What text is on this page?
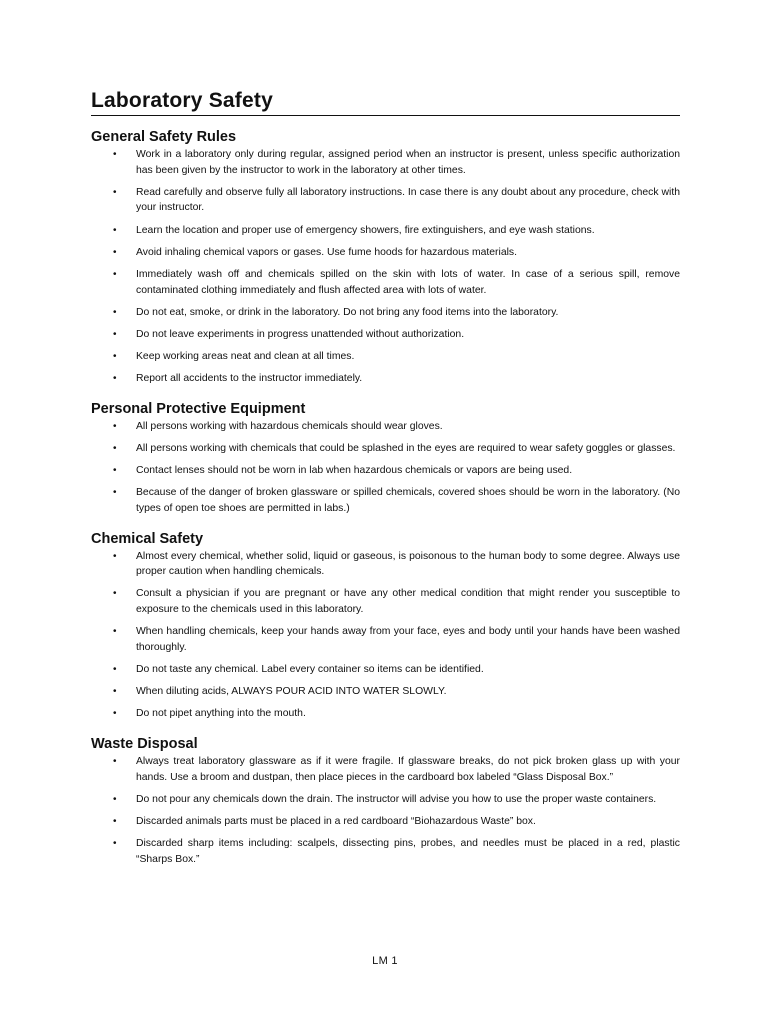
Laboratory Safety
General Safety Rules
• Work in a laboratory only during regular, assigned period when an instructor is present, unless specific authorization has been given by the instructor to work in the laboratory at other times.
• Read carefully and observe fully all laboratory instructions. In case there is any doubt about any procedure, check with your instructor.
• Learn the location and proper use of emergency showers, fire extinguishers, and eye wash stations.
• Avoid inhaling chemical vapors or gases. Use fume hoods for hazardous materials.
• Immediately wash off and chemicals spilled on the skin with lots of water. In case of a serious spill, remove contaminated clothing immediately and flush affected area with lots of water.
• Do not eat, smoke, or drink in the laboratory. Do not bring any food items into the laboratory.
• Do not leave experiments in progress unattended without authorization.
• Keep working areas neat and clean at all times.
• Report all accidents to the instructor immediately.
Personal Protective Equipment
• All persons working with hazardous chemicals should wear gloves.
• All persons working with chemicals that could be splashed in the eyes are required to wear safety goggles or glasses.
• Contact lenses should not be worn in lab when hazardous chemicals or vapors are being used.
• Because of the danger of broken glassware or spilled chemicals, covered shoes should be worn in the laboratory. (No types of open toe shoes are permitted in labs.)
Chemical Safety
• Almost every chemical, whether solid, liquid or gaseous, is poisonous to the human body to some degree. Always use proper caution when handling chemicals.
• Consult a physician if you are pregnant or have any other medical condition that might render you susceptible to exposure to the chemicals used in this laboratory.
• When handling chemicals, keep your hands away from your face, eyes and body until your hands have been washed thoroughly.
• Do not taste any chemical. Label every container so items can be identified.
• When diluting acids, ALWAYS POUR ACID INTO WATER SLOWLY.
• Do not pipet anything into the mouth.
Waste Disposal
• Always treat laboratory glassware as if it were fragile. If glassware breaks, do not pick broken glass up with your hands. Use a broom and dustpan, then place pieces in the cardboard box labeled “Glass Disposal Box.”
• Do not pour any chemicals down the drain. The instructor will advise you how to use the proper waste containers.
• Discarded animals parts must be placed in a red cardboard “Biohazardous Waste” box.
• Discarded sharp items including: scalpels, dissecting pins, probes, and needles must be placed in a red, plastic “Sharps Box.”
LM 1
